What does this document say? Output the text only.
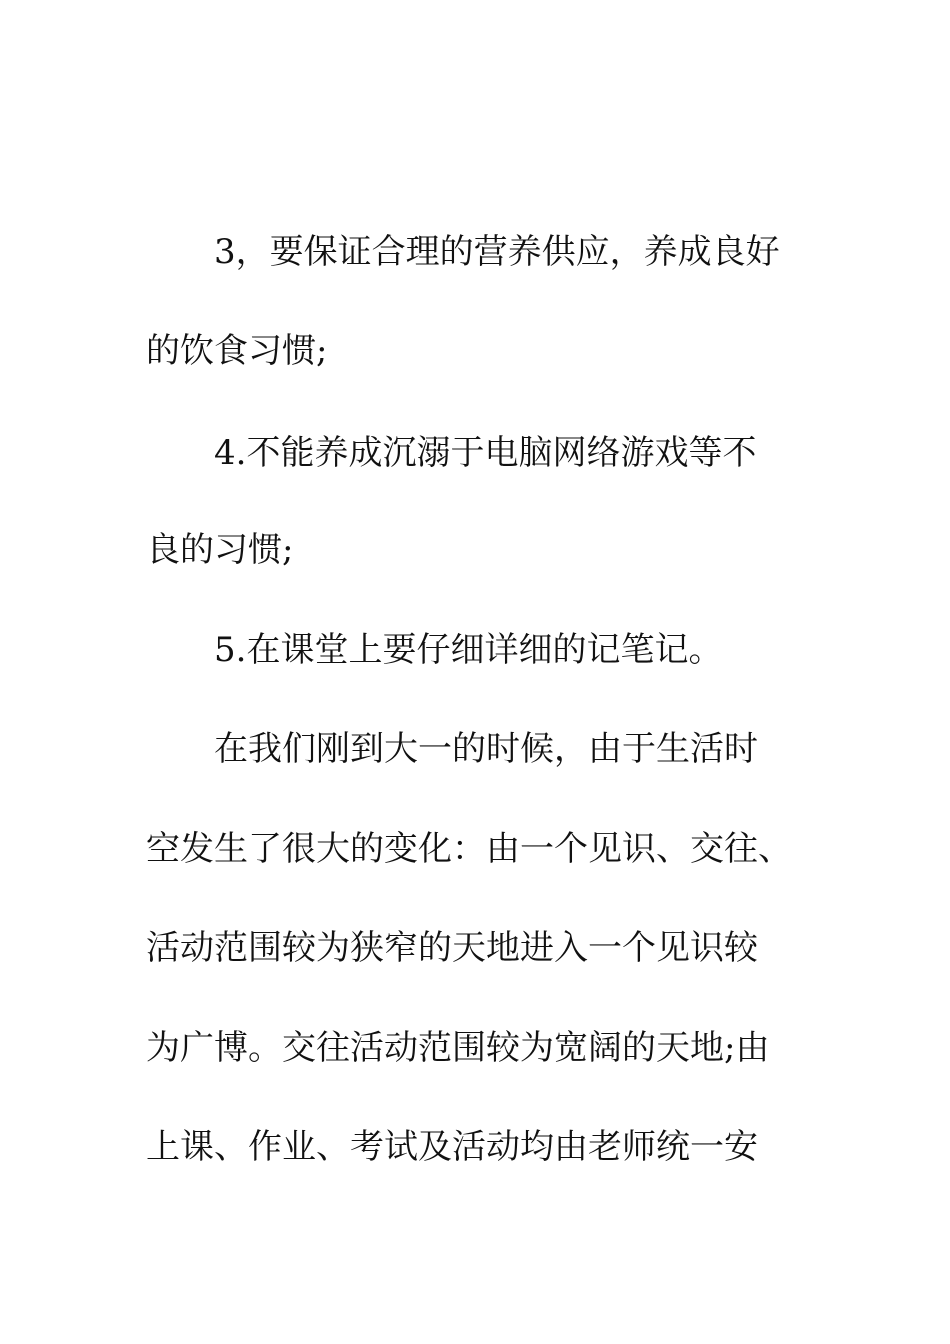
3，要保证合理的营养供应，养成良好
的饮食习惯;
4.不能养成沉溺于电脑网络游戏等不
良的习惯;
5.在课堂上要仔细详细的记笔记。
在我们刚到大一的时候，由于生活时
空发生了很大的变化：由一个见识、交往、
活动范围较为狭窄的天地进入一个见识较
为广博。交往活动范围较为宽阔的天地;由
上课、作业、考试及活动均由老师统一安
